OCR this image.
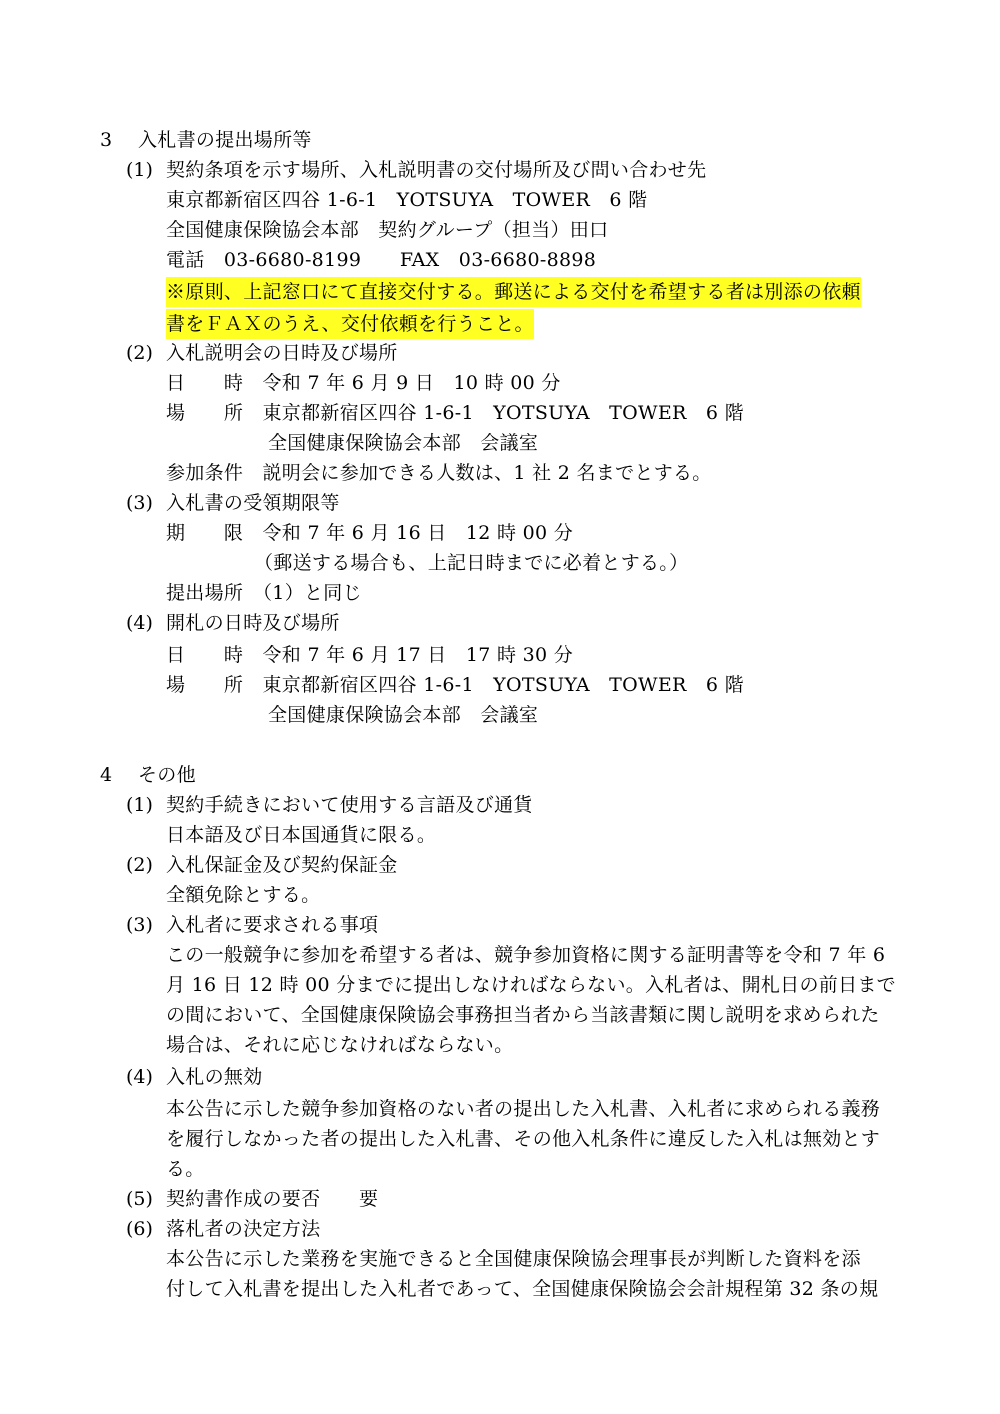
3 入札書の提出場所等
(1) 契約条項を示す場所、入札説明書の交付場所及び問い合わせ先
東京都新宿区四谷 1-6-1　YOTSUYA　TOWER　6 階
全国健康保険協会本部　契約グループ（担当）田口
電話　03-6680-8199　　FAX　03-6680-8898
※原則、上記窓口にて直接交付する。郵送による交付を希望する者は別添の依頼
書をＦＡＸのうえ、交付依頼を行うこと。
(2) 入札説明会の日時及び場所
日　　時　令和 7 年 6 月 9 日　10 時 00 分
場　　所　東京都新宿区四谷 1-6-1　YOTSUYA　TOWER　6 階
全国健康保険協会本部　会議室
参加条件　説明会に参加できる人数は、1 社 2 名までとする。
(3) 入札書の受領期限等
期　　限　令和 7 年 6 月 16 日　12 時 00 分
（郵送する場合も、上記日時までに必着とする。）
提出場所　（1）と同じ
(4) 開札の日時及び場所
日　　時　令和 7 年 6 月 17 日　17 時 30 分
場　　所　東京都新宿区四谷 1-6-1　YOTSUYA　TOWER　6 階
全国健康保険協会本部　会議室
4 その他
(1) 契約手続きにおいて使用する言語及び通貨
日本語及び日本国通貨に限る。
(2) 入札保証金及び契約保証金
全額免除とする。
(3) 入札者に要求される事項
この一般競争に参加を希望する者は、競争参加資格に関する証明書等を令和 7 年 6
月 16 日 12 時 00 分までに提出しなければならない。入札者は、開札日の前日まで
の間において、全国健康保険協会事務担当者から当該書類に関し説明を求められた
場合は、それに応じなければならない。
(4) 入札の無効
本公告に示した競争参加資格のない者の提出した入札書、入札者に求められる義務
を履行しなかった者の提出した入札書、その他入札条件に違反した入札は無効とす
る。
(5) 契約書作成の要否　　要
(6) 落札者の決定方法
本公告に示した業務を実施できると全国健康保険協会理事長が判断した資料を添
付して入札書を提出した入札者であって、全国健康保険協会会計規程第 32 条の規
